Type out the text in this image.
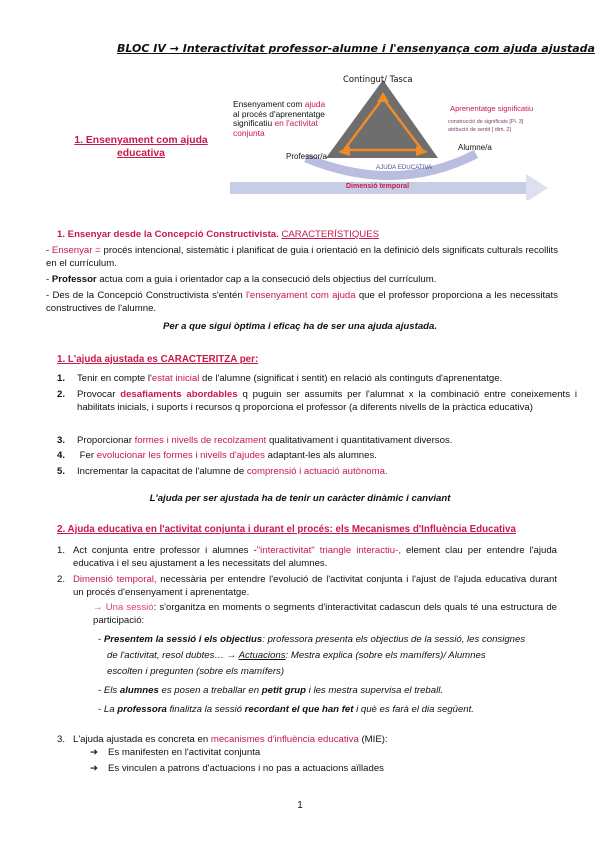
BLOC IV → Interactivitat professor-alumne i l'ensenyança com ajuda ajustada
1. Ensenyament com ajuda
educativa
Contingut/ Tasca
Ensenyament com ajuda
al procés d'aprenentatge
significatiu en l'activitat
conjunta
Aprenentatge significatiu
construcció de significats [Pl. 3]
atribució de sentit [ dim. 2]
Professor/a
Alumne/a
AJUDA EDUCATIVA
Dimensió temporal
1. Ensenyar desde la Concepció Constructivista. CARACTERÍSTIQUES
- Ensenyar = procés intencional, sistemàtic i planificat de guia i orientació en la definició dels significats culturals recollits en el currículum.
- Professor actua com a guia i orientador cap a la consecució dels objectius del currículum.
- Des de la Concepció Constructivista s'entén l'ensenyament com ajuda que el professor proporciona a les necessitats constructives de l'alumne.
Per a que sigui òptima i eficaç ha de ser una ajuda ajustada.
1. L'ajuda ajustada es CARACTERITZA per:
1. Tenir en compte l'estat inicial de l'alumne (significat i sentit) en relació als continguts d'aprenentatge.
2. Provocar desafiaments abordables q puguin ser assumits per l'alumnat x la combinació entre coneixements i habilitats inicials, i suports i recursos q proporciona el professor (a diferents nivells de la pràctica educativa)
3. Proporcionar formes i nivells de recolzament qualitativament i quantitativament diversos.
4. Fer evolucionar les formes i nivells d'ajudes adaptant-les als alumnes.
5. Incrementar la capacitat de l'alumne de comprensió i actuació autònoma.
L'ajuda per ser ajustada ha de tenir un caràcter dinàmic i canviant
2. Ajuda educativa en l'activitat conjunta i durant el procés: els Mecanismes d'Influència Educativa
1. Act conjunta entre professor i alumnes -"interactivitat" triangle interactiu-, element clau per entendre l'ajuda educativa i el seu ajustament a les necessitats del alumnes.
2. Dimensió temporal, necessària per entendre l'evolució de l'activitat conjunta i l'ajust de l'ajuda educativa durant un procés d'ensenyament i aprenentatge.
→ Una sessió: s'organitza en moments o segments d'interactivitat cadascun dels quals té una estructura de participació:
- Presentem la sessió i els objectius: professora presenta els objectius de la sessió, les consignes
de l'activitat, resol dubtes… → Actuacions: Mestra explica (sobre els mamífers)/ Alumnes
escolten i pregunten (sobre els mamífers)
- Els alumnes es posen a treballar en petit grup i les mestra supervisa el treball.
- La professora finalitza la sessió recordant el que han fet i què es farà el dia següent.
3. L'ajuda ajustada es concreta en mecanismes d'influència educativa (MIE):
➔ Es manifesten en l'activitat conjunta
➔ Es vinculen a patrons d'actuacions i no pas a actuacions aïllades
1
